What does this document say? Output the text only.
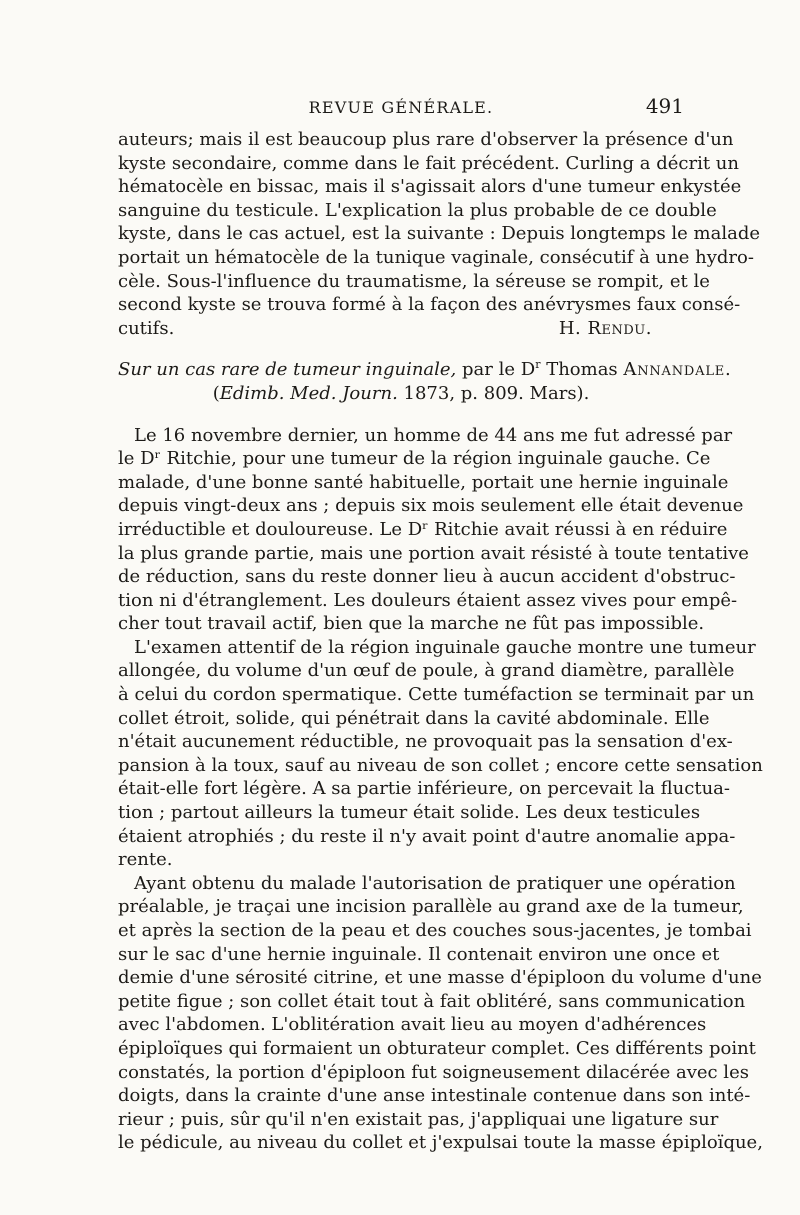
REVUE GÉNÉRALE.	491
auteurs; mais il est beaucoup plus rare d'observer la présence d'un
kyste secondaire, comme dans le fait précédent. Curling a décrit un
hématocèle en bissac, mais il s'agissait alors d'une tumeur enkystée
sanguine du testicule. L'explication la plus probable de ce double
kyste, dans le cas actuel, est la suivante : Depuis longtemps le malade
portait un hématocèle de la tunique vaginale, consécutif à une hydro-
cèle. Sous-l'influence du traumatisme, la séreuse se rompit, et le
second kyste se trouva formé à la façon des anévrysmes faux consé-
cutifs.	H. Rendu.
Sur un cas rare de tumeur inguinale, par le $D^r$ Thomas Annandale.
(Edimb. Med. Journ. 1873, p. 809. Mars).
Le 16 novembre dernier, un homme de 44 ans me fut adressé par
le Dʳ Ritchie, pour une tumeur de la région inguinale gauche. Ce
malade, d'une bonne santé habituelle, portait une hernie inguinale
depuis vingt-deux ans ; depuis six mois seulement elle était devenue
irréductible et douloureuse. Le Dʳ Ritchie avait réussi à en réduire
la plus grande partie, mais une portion avait résisté à toute tentative
de réduction, sans du reste donner lieu à aucun accident d'obstruc-
tion ni d'étranglement. Les douleurs étaient assez vives pour empê-
cher tout travail actif, bien que la marche ne fût pas impossible.
L'examen attentif de la région inguinale gauche montre une tumeur
allongée, du volume d'un œuf de poule, à grand diamètre, parallèle
à celui du cordon spermatique. Cette tuméfaction se terminait par un
collet étroit, solide, qui pénétrait dans la cavité abdominale. Elle
n'était aucunement réductible, ne provoquait pas la sensation d'ex-
pansion à la toux, sauf au niveau de son collet ; encore cette sensation
était-elle fort légère. A sa partie inférieure, on percevait la fluctua-
tion ; partout ailleurs la tumeur était solide. Les deux testicules
étaient atrophiés ; du reste il n'y avait point d'autre anomalie appa-
rente.
Ayant obtenu du malade l'autorisation de pratiquer une opération
préalable, je traçai une incision parallèle au grand axe de la tumeur,
et après la section de la peau et des couches sous-jacentes, je tombai
sur le sac d'une hernie inguinale. Il contenait environ une once et
demie d'une sérosité citrine, et une masse d'épiploon du volume d'une
petite figue ; son collet était tout à fait oblitéré, sans communication
avec l'abdomen. L'oblitération avait lieu au moyen d'adhérences
épiploïques qui formaient un obturateur complet. Ces différents point
constatés, la portion d'épiploon fut soigneusement dilacérée avec les
doigts, dans la crainte d'une anse intestinale contenue dans son inté-
rieur ; puis, sûr qu'il n'en existait pas, j'appliquai une ligature sur
le pédicule, au niveau du collet et j'expulsai toute la masse épiploïque,
